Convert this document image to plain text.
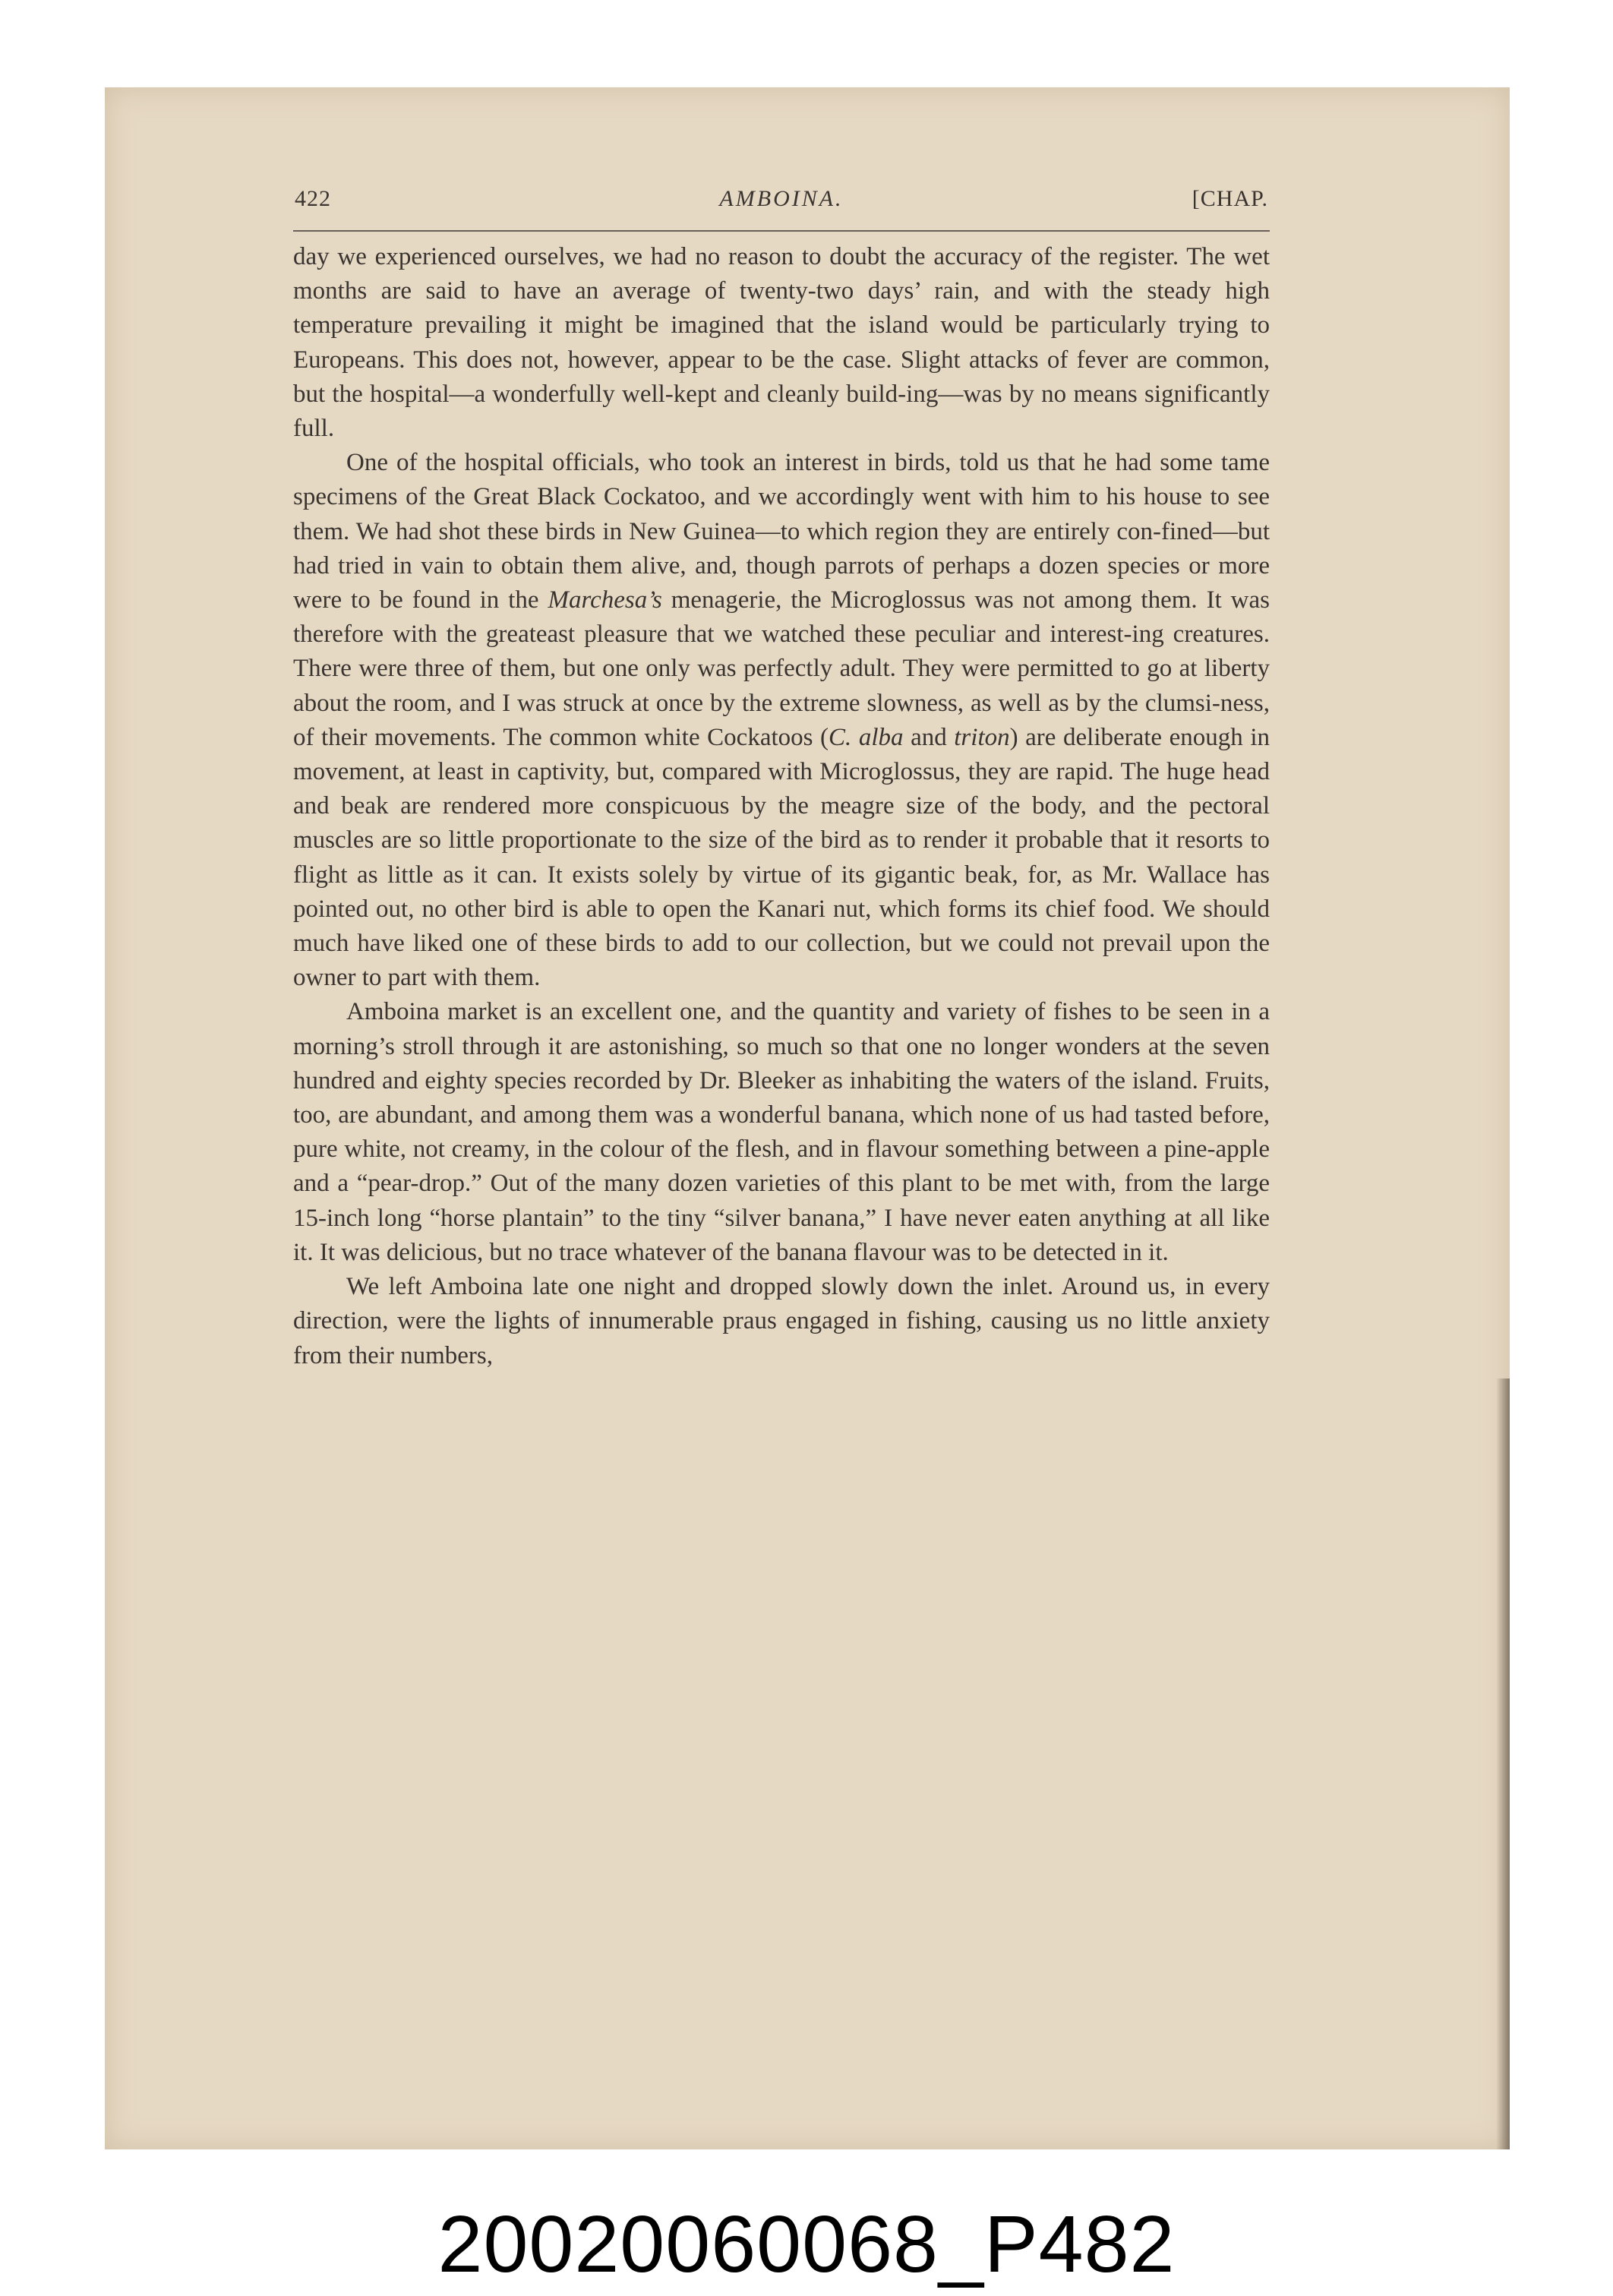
422	AMBOINA.	[CHAP.

day we experienced ourselves, we had no reason to doubt the accuracy of the register. The wet months are said to have an average of twenty-two days’ rain, and with the steady high temperature prevailing it might be imagined that the island would be particularly trying to Europeans. This does not, however, appear to be the case. Slight attacks of fever are common, but the hospital—a wonderfully well-kept and cleanly build-ing—was by no means significantly full.

One of the hospital officials, who took an interest in birds, told us that he had some tame specimens of the Great Black Cockatoo, and we accordingly went with him to his house to see them. We had shot these birds in New Guinea—to which region they are entirely con-fined—but had tried in vain to obtain them alive, and, though parrots of perhaps a dozen species or more were to be found in the Marchesa’s menagerie, the Microglossus was not among them. It was therefore with the greateast pleasure that we watched these peculiar and interest-ing creatures. There were three of them, but one only was perfectly adult. They were permitted to go at liberty about the room, and I was struck at once by the extreme slowness, as well as by the clumsi-ness, of their movements. The common white Cockatoos (C. alba and triton) are deliberate enough in movement, at least in captivity, but, compared with Microglossus, they are rapid. The huge head and beak are rendered more conspicuous by the meagre size of the body, and the pectoral muscles are so little proportionate to the size of the bird as to render it probable that it resorts to flight as little as it can. It exists solely by virtue of its gigantic beak, for, as Mr. Wallace has pointed out, no other bird is able to open the Kanari nut, which forms its chief food. We should much have liked one of these birds to add to our collection, but we could not prevail upon the owner to part with them.

Amboina market is an excellent one, and the quantity and variety of fishes to be seen in a morning’s stroll through it are astonishing, so much so that one no longer wonders at the seven hundred and eighty species recorded by Dr. Bleeker as inhabiting the waters of the island. Fruits, too, are abundant, and among them was a wonderful banana, which none of us had tasted before, pure white, not creamy, in the colour of the flesh, and in flavour something between a pine-apple and a “pear-drop.” Out of the many dozen varieties of this plant to be met with, from the large 15-inch long “horse plantain” to the tiny “silver banana,” I have never eaten anything at all like it. It was delicious, but no trace whatever of the banana flavour was to be detected in it.

We left Amboina late one night and dropped slowly down the inlet. Around us, in every direction, were the lights of innumerable praus engaged in fishing, causing us no little anxiety from their numbers,

20020060068_P482
